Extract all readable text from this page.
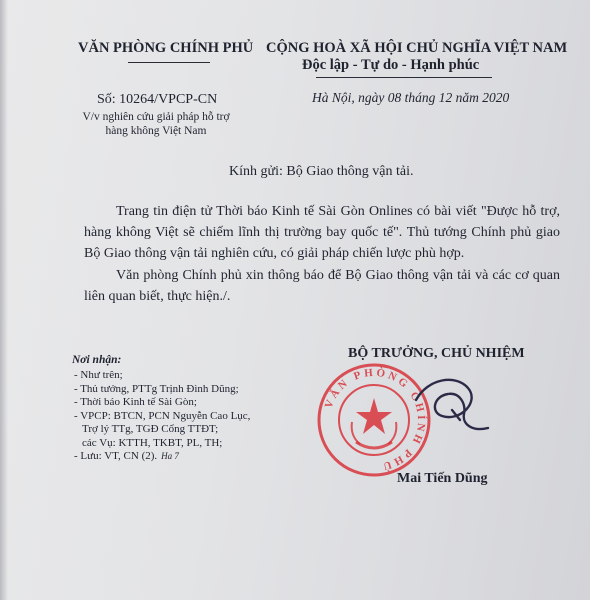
VĂN PHÒNG CHÍNH PHỦ CỘNG HOÀ XÃ HỘI CHỦ NGHĨA VIỆT NAM
Độc lập - Tự do - Hạnh phúc
Số: 10264/VPCP-CN	Hà Nội, ngày 08 tháng 12 năm 2020
V/v nghiên cứu giải pháp hỗ trợ hàng không Việt Nam
Kính gửi: Bộ Giao thông vận tải.
Trang tin điện tử Thời báo Kinh tế Sài Gòn Onlines có bài viết "Được hỗ trợ, hàng không Việt sẽ chiếm lĩnh thị trường bay quốc tế". Thủ tướng Chính phủ giao Bộ Giao thông vận tải nghiên cứu, có giải pháp chiến lược phù hợp.
Văn phòng Chính phủ xin thông báo để Bộ Giao thông vận tải và các cơ quan liên quan biết, thực hiện./.
Nơi nhận:
- Như trên;
- Thủ tướng, PTTg Trịnh Đình Dũng;
- Thời báo Kinh tế Sài Gòn;
- VPCP: BTCN, PCN Nguyễn Cao Lục,
Trợ lý TTg, TGĐ Cổng TTĐT;
các Vụ: KTTH, TKBT, PL, TH;
- Lưu: VT, CN (2). Ha 7
BỘ TRƯỞNG, CHỦ NHIỆM
VĂN PHÒNG CHÍNH PHỦ
Mai Tiến Dũng
